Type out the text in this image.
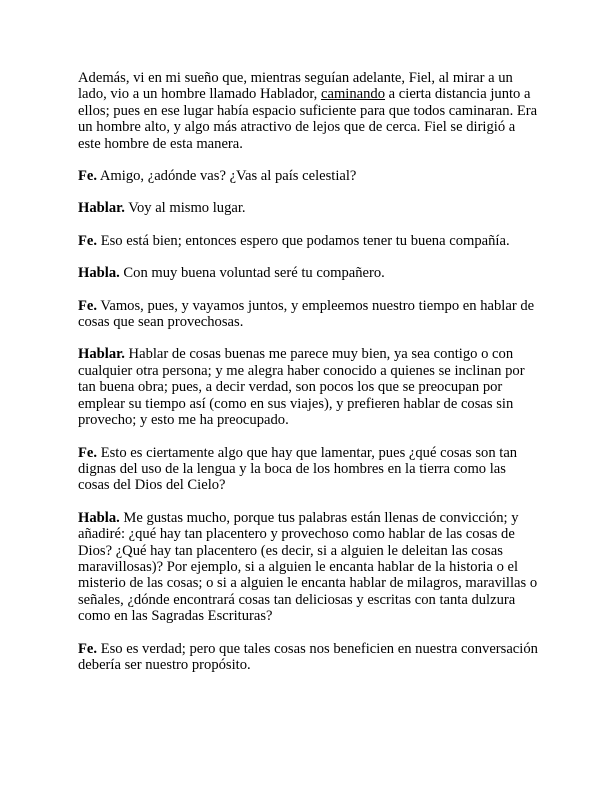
Además, vi en mi sueño que, mientras seguían adelante, Fiel, al mirar a un lado, vio a un hombre llamado Hablador, caminando a cierta distancia junto a ellos; pues en ese lugar había espacio suficiente para que todos caminaran. Era un hombre alto, y algo más atractivo de lejos que de cerca. Fiel se dirigió a este hombre de esta manera.

Fe. Amigo, ¿adónde vas? ¿Vas al país celestial?

Hablar. Voy al mismo lugar.

Fe. Eso está bien; entonces espero que podamos tener tu buena compañía.

Habla. Con muy buena voluntad seré tu compañero.

Fe. Vamos, pues, y vayamos juntos, y empleemos nuestro tiempo en hablar de cosas que sean provechosas.

Hablar. Hablar de cosas buenas me parece muy bien, ya sea contigo o con cualquier otra persona; y me alegra haber conocido a quienes se inclinan por tan buena obra; pues, a decir verdad, son pocos los que se preocupan por emplear su tiempo así (como en sus viajes), y prefieren hablar de cosas sin provecho; y esto me ha preocupado.

Fe. Esto es ciertamente algo que hay que lamentar, pues ¿qué cosas son tan dignas del uso de la lengua y la boca de los hombres en la tierra como las cosas del Dios del Cielo?

Habla. Me gustas mucho, porque tus palabras están llenas de convicción; y añadiré: ¿qué hay tan placentero y provechoso como hablar de las cosas de Dios? ¿Qué hay tan placentero (es decir, si a alguien le deleitan las cosas maravillosas)? Por ejemplo, si a alguien le encanta hablar de la historia o el misterio de las cosas; o si a alguien le encanta hablar de milagros, maravillas o señales, ¿dónde encontrará cosas tan deliciosas y escritas con tanta dulzura como en las Sagradas Escrituras?

Fe. Eso es verdad; pero que tales cosas nos beneficien en nuestra conversación debería ser nuestro propósito.
